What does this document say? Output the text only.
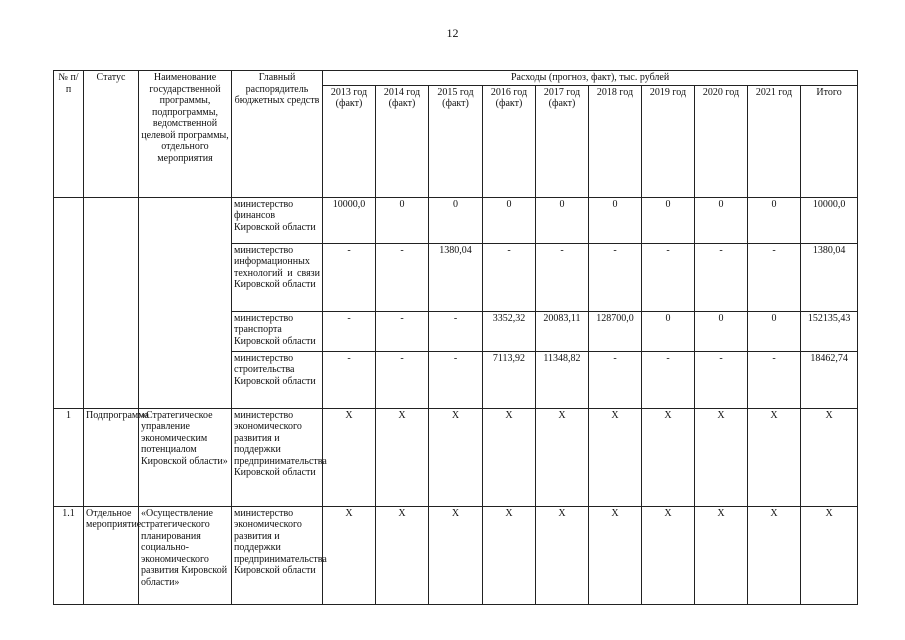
12
№ п/п	Статус	Наименование государственной программы, подпрограммы, ведомственной целевой программы, отдельного мероприятия	Главный распорядитель бюджетных средств	Расходы (прогноз, факт), тыс. рублей									
				2013 год (факт)	2014 год (факт)	2015 год (факт)	2016 год (факт)	2017 год (факт)	2018 год	2019 год	2020 год	2021 год	Итого
			министерство финансов Кировской области	10000,0	0	0	0	0	0	0	0	0	10000,0
			министерство информационных технологий и связи Кировской области	-	-	1380,04	-	-	-	-	-	-	1380,04
			министерство транспорта Кировской области	-	-	-	3352,32	20083,11	128700,0	0	0	0	152135,43
			министерство строительства Кировской области	-	-	-	7113,92	11348,82	-	-	-	-	18462,74
1	Подпрограмма	«Стратегическое управление экономическим потенциалом Кировской области»	министерство экономического развития и поддержки предпринимательства Кировской области	X	X	X	X	X	X	X	X	X	X
1.1	Отдельное мероприятие	«Осуществление стратегического планирования социально-экономического развития Кировской области»	министерство экономического развития и поддержки предпринимательства Кировской области	X	X	X	X	X	X	X	X	X	X
